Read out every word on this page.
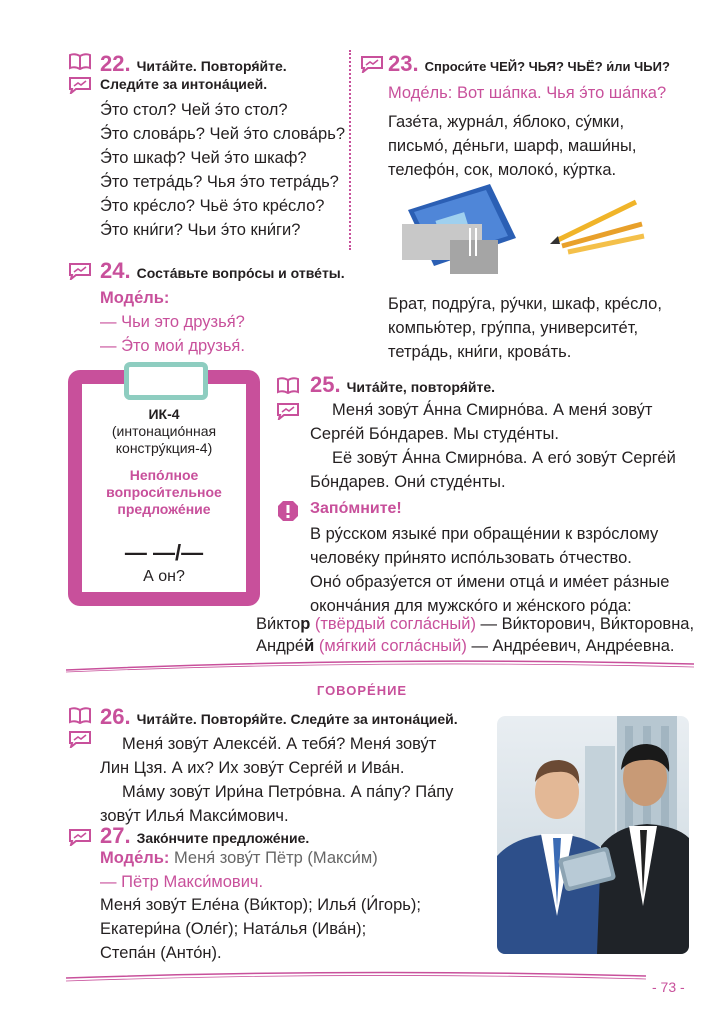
22. Чита́йте. Повторя́йте.
Следи́те за интона́цией.
Э́то стол? Чей э́то стол?
Э́то слова́рь? Чей э́то слова́рь?
Э́то шкаф? Чей э́то шкаф?
Э́то тетра́дь? Чья э́то тетра́дь?
Э́то кре́сло? Чьё э́то кре́сло?
Э́то кни́ги? Чьи э́то кни́ги?
23. Спроси́те ЧЕЙ? ЧЬЯ? ЧЬЁ? и́ли ЧЬИ?
Моде́ль: Вот ша́пка. Чья э́то ша́пка?
Газе́та, журна́л, я́блоко, су́мки,
письмо́, де́ньги, шарф, маши́ны,
телефо́н, сок, молоко́, ку́ртка.
Брат, подру́га, ру́чки, шкаф, кре́сло,
компью́тер, гру́ппа, университе́т,
тетра́дь, кни́ги, крова́ть.
24. Соста́вьте вопро́сы и отве́ты.
Моде́ль:
— Чьи это друзья́?
— Э́то мои́ друзья́.
ИК-4
(интонацио́нная
констру́кция-4)
Непо́лное
вопроси́тельное
предложе́ние
— —/—
А он?
25. Чита́йте, повторя́йте.
Меня́ зову́т А́нна Смирно́ва. А меня́ зову́т
Серге́й Бо́ндарев. Мы студе́нты.
Её зову́т А́нна Смирно́ва. А его́ зову́т Серге́й
Бо́ндарев. Они́ студе́нты.
Запо́мните!
В ру́сском языке́ при обраще́нии к взро́слому
челове́ку при́нято испо́льзовать о́тчество.
Оно́ образу́ется от и́мени отца́ и име́ет ра́зные
оконча́ния для мужско́го и же́нского ро́да:
Ви́ктор (твёрдый согла́сный) — Ви́кторович, Ви́кторовна,
Андре́й (мя́гкий согла́сный) — Андре́евич, Андре́евна.
ГОВОРЕ́НИЕ
26. Чита́йте. Повторя́йте. Следи́те за интона́цией.
Меня́ зову́т Алексе́й. А тебя́? Меня́ зову́т
Лин Цзя. А их? Их зову́т Серге́й и Ива́н.
Ма́му зову́т Ири́на Петро́вна. А па́пу? Па́пу
зову́т Илья́ Макси́мович.
27. Зако́нчите предложе́ние.
Моде́ль: Меня́ зову́т Пётр (Макси́м)
— Пётр Макси́мович.
Меня́ зову́т Еле́на (Ви́ктор); Илья́ (И́горь);
Екатери́на (Оле́г); Ната́лья (Ива́н);
Степа́н (Анто́н).
- 73 -
